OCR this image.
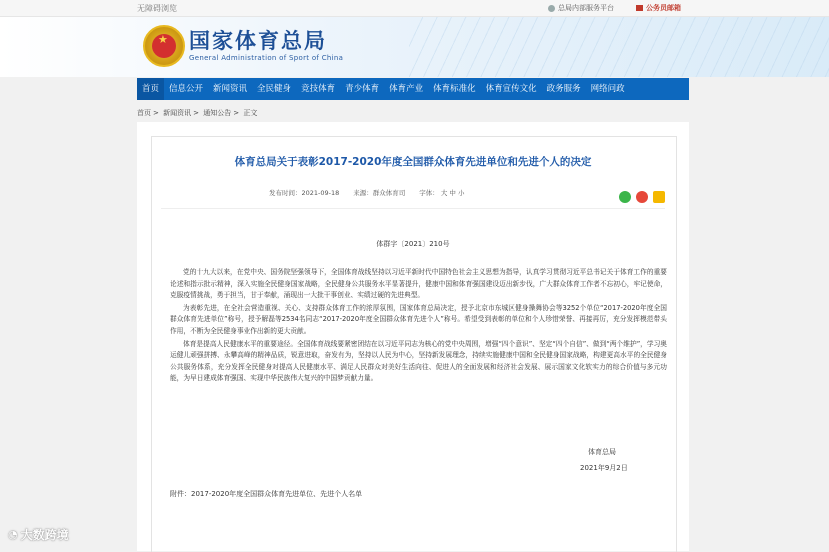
无障碍浏览	总局内部服务平台	公务员邮箱
★ 国家体育总局
General Administration of Sport of China
首页	信息公开	新闻资讯	全民健身	竞技体育	青少体育	体育产业	体育标准化	体育宣传文化	政务服务	网络问政
首页 > 新闻资讯 > 通知公告 > 正文
体育总局关于表彰2017-2020年度全国群众体育先进单位和先进个人的决定
发布时间：2021-09-18 来源：群众体育司 字体： 大 中 小
体群字〔2021〕210号

党的十九大以来，在党中央、国务院坚强领导下，全国体育战线坚持以习近平新时代中国特色社会主义思想为指导，认真学习贯彻习近平总书记关于体育工作的重要论述和指示批示精神，深入实施全民健身国家战略，全民健身公共服务水平显著提升，健康中国和体育强国建设迈出新步伐，广大群众体育工作者不忘初心，牢记使命，克服疫情挑战，勇于担当，甘于奉献，涌现出一大批干事创业、实绩过硬的先进典型。

为表彰先进，在全社会营造重视、关心、支持群众体育工作的浓厚氛围，国家体育总局决定，授予北京市东城区健身操舞协会等3252个单位“2017-2020年度全国群众体育先进单位”称号，授予解磊等2534名同志“2017-2020年度全国群众体育先进个人”称号。希望受到表彰的单位和个人珍惜荣誉、再接再厉，充分发挥模范带头作用，不断为全民健身事业作出新的更大贡献。

体育是提高人民健康水平的重要途径。全国体育战线要紧密团结在以习近平同志为核心的党中央周围，增强“四个意识”、坚定“四个自信”、做到“两个维护”，学习奥运健儿顽强拼搏、永攀高峰的精神品质，锐意进取，奋发有为，坚持以人民为中心，坚持新发展理念，持续实施健康中国和全民健身国家战略，构建更高水平的全民健身公共服务体系，充分发挥全民健身对提高人民健康水平、满足人民群众对美好生活向往、促进人的全面发展和经济社会发展、展示国家文化软实力的综合价值与多元功能，为早日建成体育强国、实现中华民族伟大复兴的中国梦贡献力量。

体育总局
2021年9月2日
附件：2017-2020年度全国群众体育先进单位、先进个人名单
◔ 大数跨境
